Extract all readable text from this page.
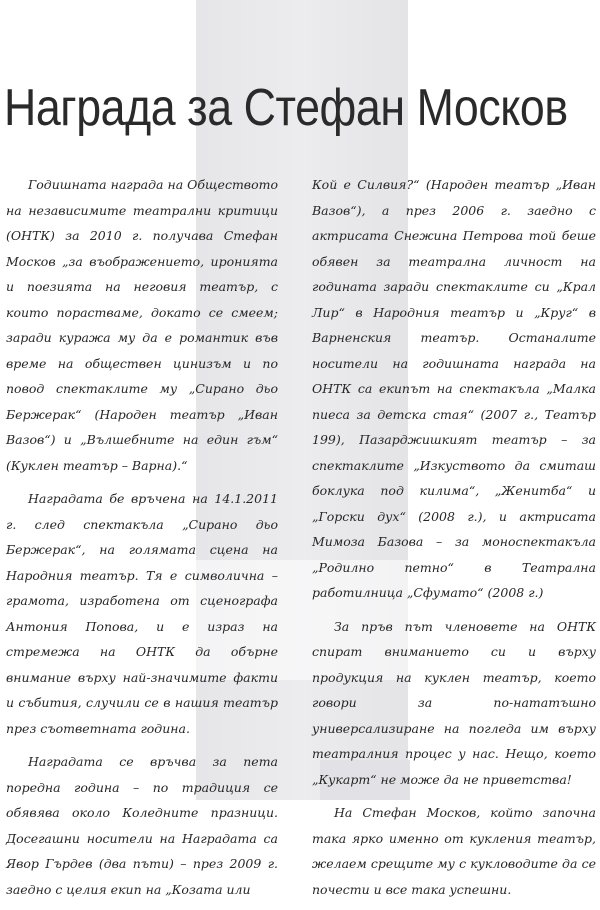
Награда за Стефан Москов

Годишната награда на Обществото на независимите театрални критици (ОНТК) за 2010 г. получава Стефан Москов „за въображението, иронията и поезията на неговия театър, с които порастваме, докато се смеем; заради куража му да е романтик във време на обществен цинизъм и по повод спектаклите му „Сирано дьо Бержерак“ (Народен театър „Иван Вазов“) и „Вълшебните на един гъм“ (Куклен театър – Варна).“

Наградата бе връчена на 14.1.2011 г. след спектакъла „Сирано дьо Бержерак“, на голямата сцена на Народния театър. Тя е символична – грамота, изработена от сценографа Антония Попова, и е израз на стремежа на ОНТК да обърне внимание върху най-значимите факти и събития, случили се в нашия театър през съответната година.

Наградата се връчва за пета поредна година – по традиция се обявява около Коледните празници. Досегашни носители на Наградата са Явор Гърдев (два пъти) – през 2009 г. заедно с целия екип на „Козата или

Кой е Силвия?“ (Народен театър „Иван Вазов“), а през 2006 г. заедно с актрисата Снежина Петрова той беше обявен за театрална личност на годината заради спектаклите си „Крал Лир“ в Народния театър и „Круг“ в Варненския театър. Останалите носители на годишната награда на ОНТК са екипът на спектакъла „Малка пиеса за детска стая“ (2007 г., Театър 199), Пазарджишкият театър – за спектаклите „Изкуството да смиташ боклука под килима“, „Женитба“ и „Горски дух“ (2008 г.), и актрисата Мимоза Базова – за моноспектакъла „Родилно петно“ в Театрална работилница „Сфумато“ (2008 г.)

За пръв път членовете на ОНТК спират вниманието си и върху продукция на куклен театър, което говори за по-нататъшно универсализиране на погледа им върху театралния процес у нас. Нещо, което „Кукарт“ не може да не приветства!

На Стефан Москов, който започна така ярко именно от кукления театър, желаем срещите му с кукловодите да се почести и все така успешни.
